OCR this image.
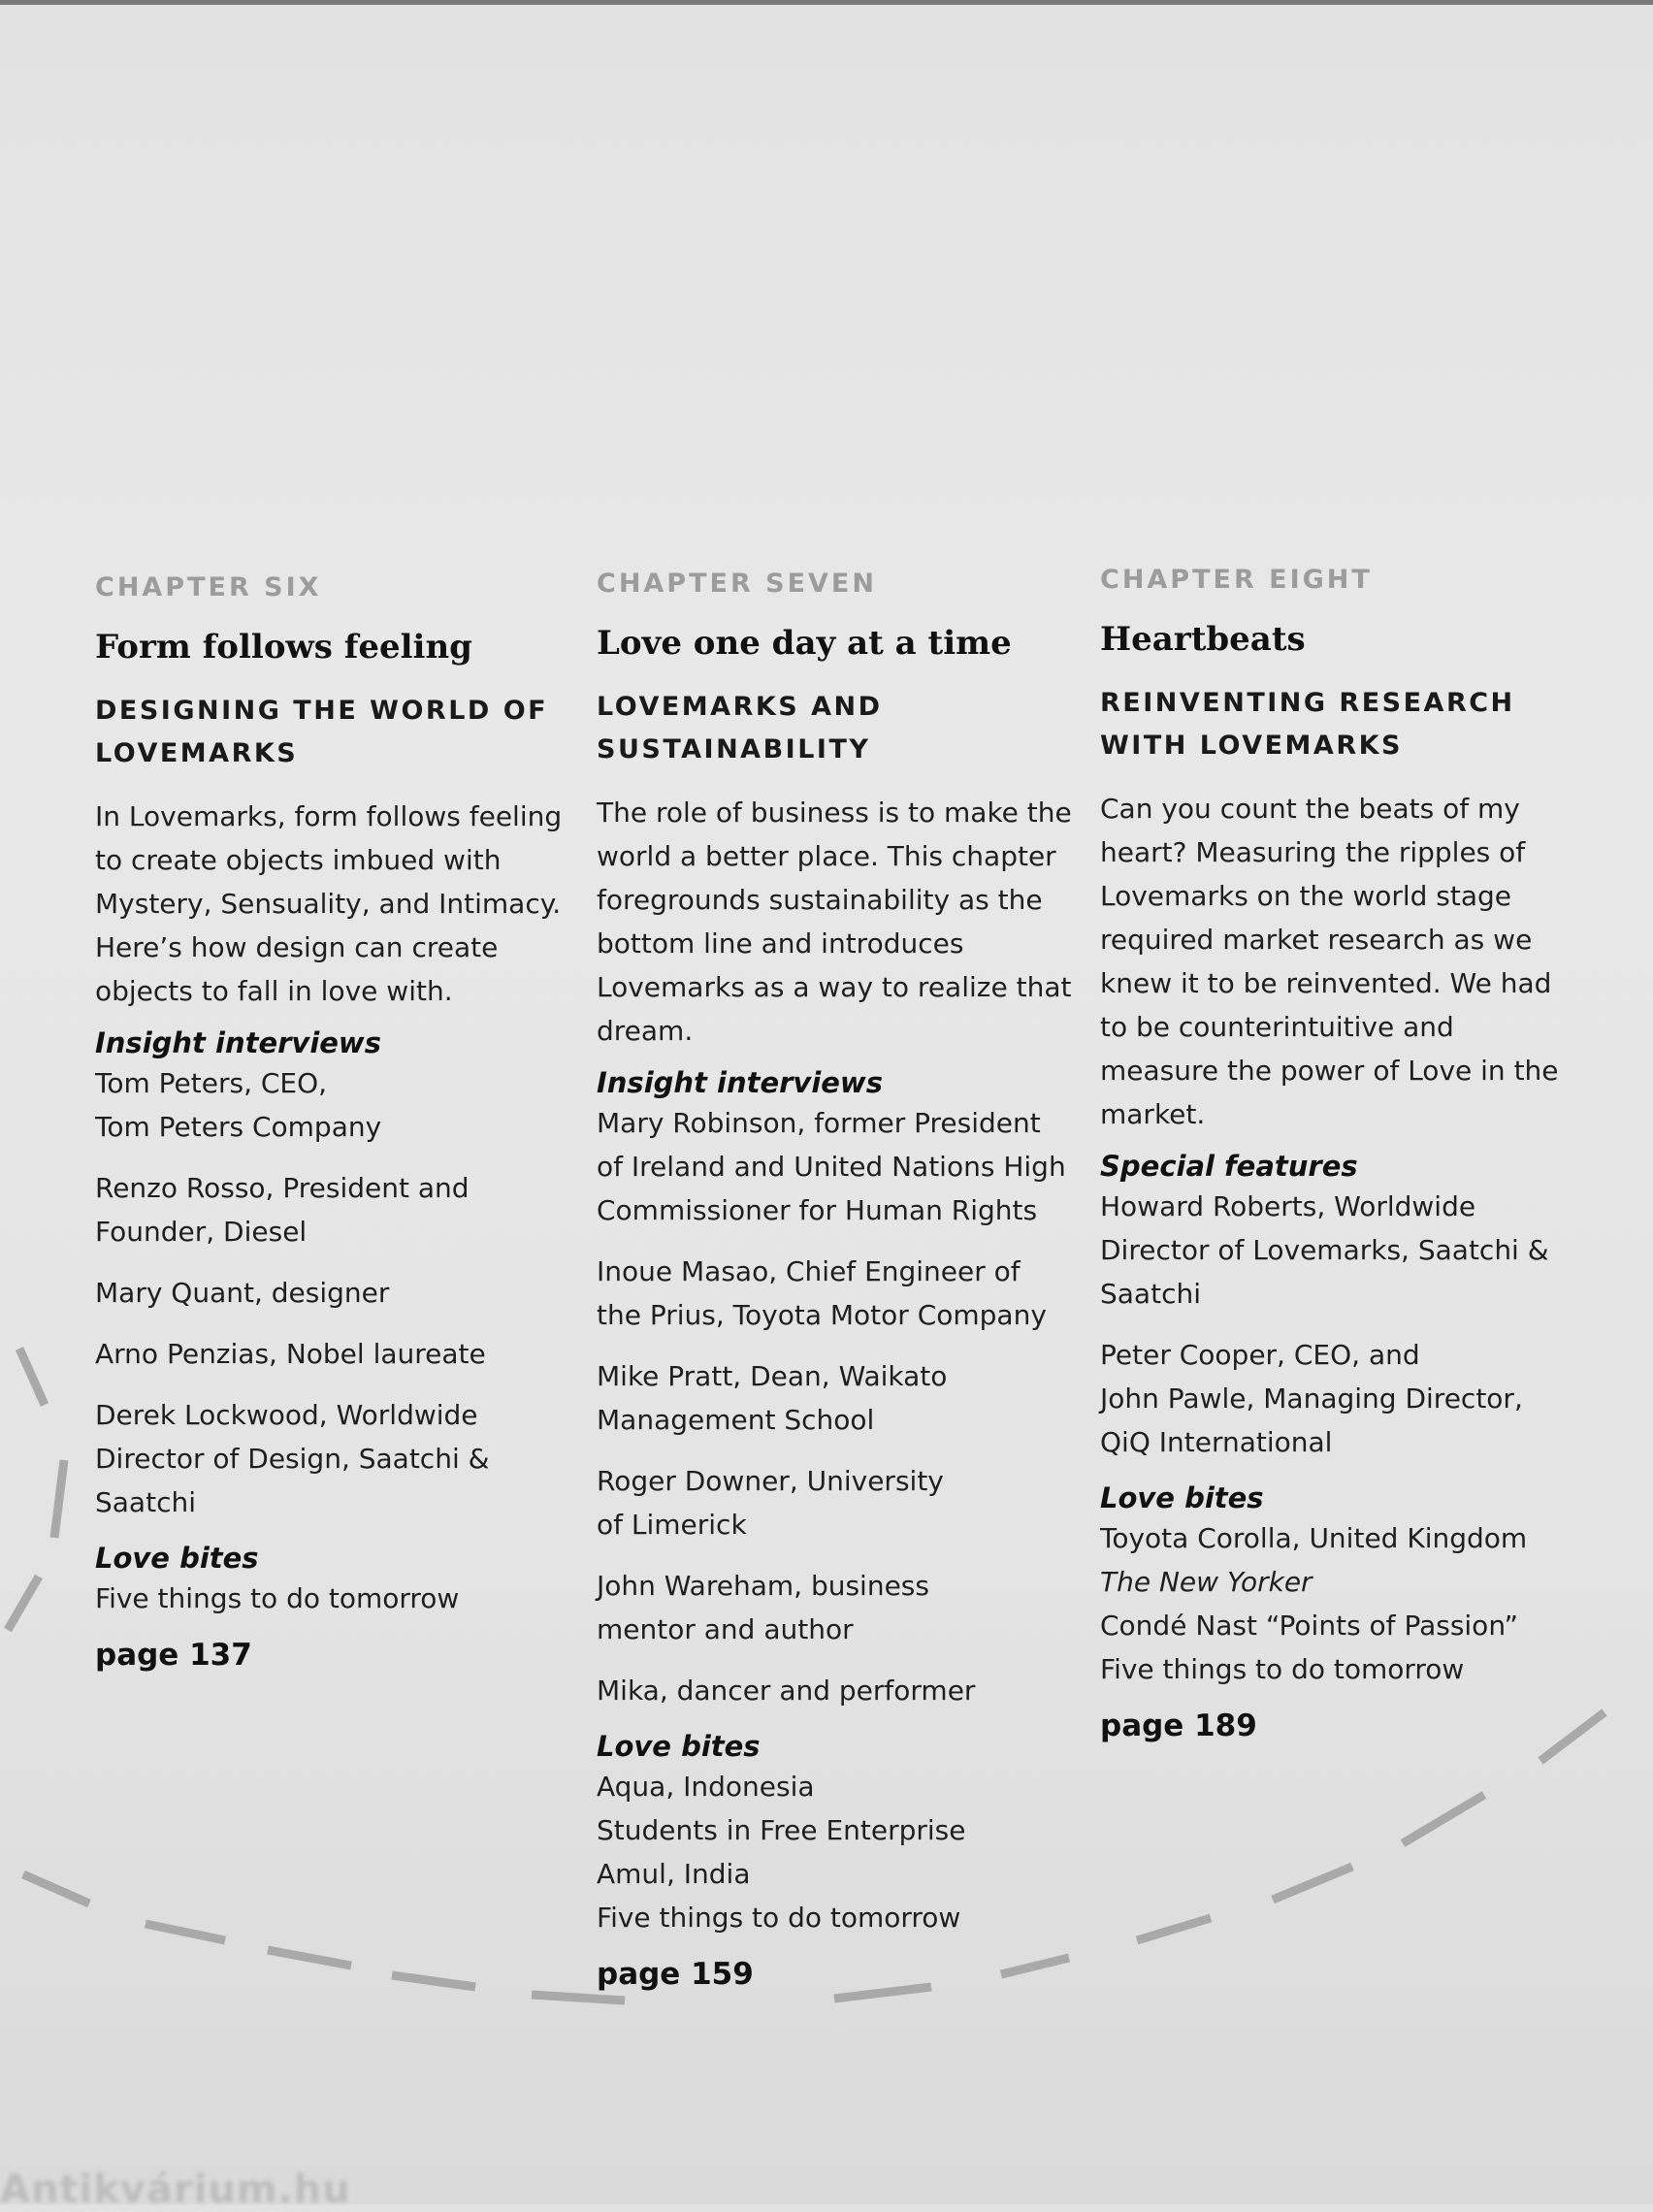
CHAPTER SIX
Form follows feeling
DESIGNING THE WORLD OF LOVEMARKS
In Lovemarks, form follows feeling to create objects imbued with Mystery, Sensuality, and Intimacy. Here’s how design can create objects to fall in love with.
Insight interviews
Tom Peters, CEO,
Tom Peters Company
Renzo Rosso, President and Founder, Diesel
Mary Quant, designer
Arno Penzias, Nobel laureate
Derek Lockwood, Worldwide Director of Design, Saatchi & Saatchi
Love bites
Five things to do tomorrow
page 137
CHAPTER SEVEN
Love one day at a time
LOVEMARKS AND SUSTAINABILITY
The role of business is to make the world a better place. This chapter foregrounds sustainability as the bottom line and introduces Lovemarks as a way to realize that dream.
Insight interviews
Mary Robinson, former President of Ireland and United Nations High Commissioner for Human Rights
Inoue Masao, Chief Engineer of the Prius, Toyota Motor Company
Mike Pratt, Dean, Waikato Management School
Roger Downer, University
of Limerick
John Wareham, business
mentor and author
Mika, dancer and performer
Love bites
Aqua, Indonesia
Students in Free Enterprise
Amul, India
Five things to do tomorrow
page 159
CHAPTER EIGHT
Heartbeats
REINVENTING RESEARCH WITH LOVEMARKS
Can you count the beats of my heart? Measuring the ripples of Lovemarks on the world stage required market research as we knew it to be reinvented. We had to be counterintuitive and measure the power of Love in the market.
Special features
Howard Roberts, Worldwide Director of Lovemarks, Saatchi & Saatchi
Peter Cooper, CEO, and
John Pawle, Managing Director, QiQ International
Love bites
Toyota Corolla, United Kingdom
The New Yorker
Condé Nast “Points of Passion”
Five things to do tomorrow
page 189
Antikvárium.hu
